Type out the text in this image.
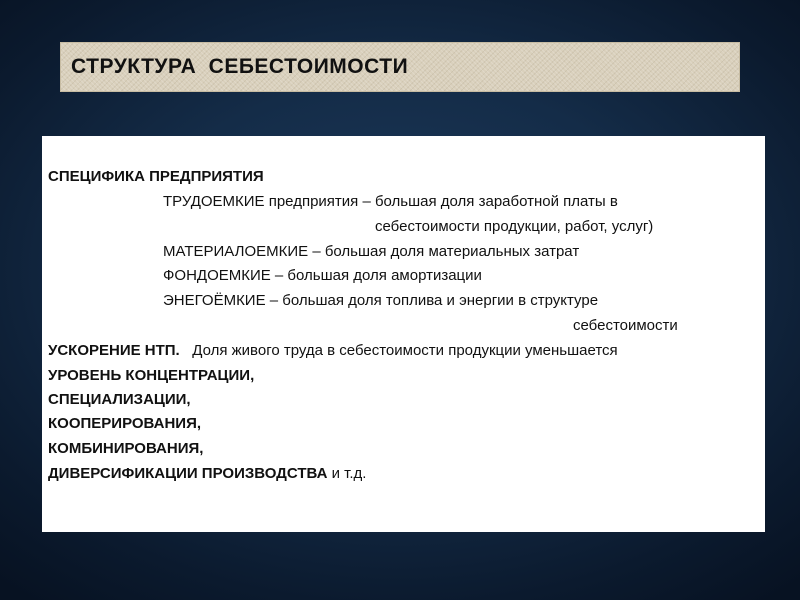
СТРУКТУРА СЕБЕСТОИМОСТИ
СПЕЦИФИКА ПРЕДПРИЯТИЯ
ТРУДОЕМКИЕ предприятия – большая доля заработной платы в
себестоимости продукции, работ, услуг)
МАТЕРИАЛОЕМКИЕ – большая доля материальных затрат
ФОНДОЕМКИЕ – большая доля амортизации
ЭНЕГОЁМКИЕ – большая доля топлива и энергии в структуре
себестоимости
УСКОРЕНИЕ НТП. Доля живого труда в себестоимости продукции уменьшается
УРОВЕНЬ КОНЦЕНТРАЦИИ,
СПЕЦИАЛИЗАЦИИ,
КООПЕРИРОВАНИЯ,
КОМБИНИРОВАНИЯ,
ДИВЕРСИФИКАЦИИ ПРОИЗВОДСТВА и т.д.
